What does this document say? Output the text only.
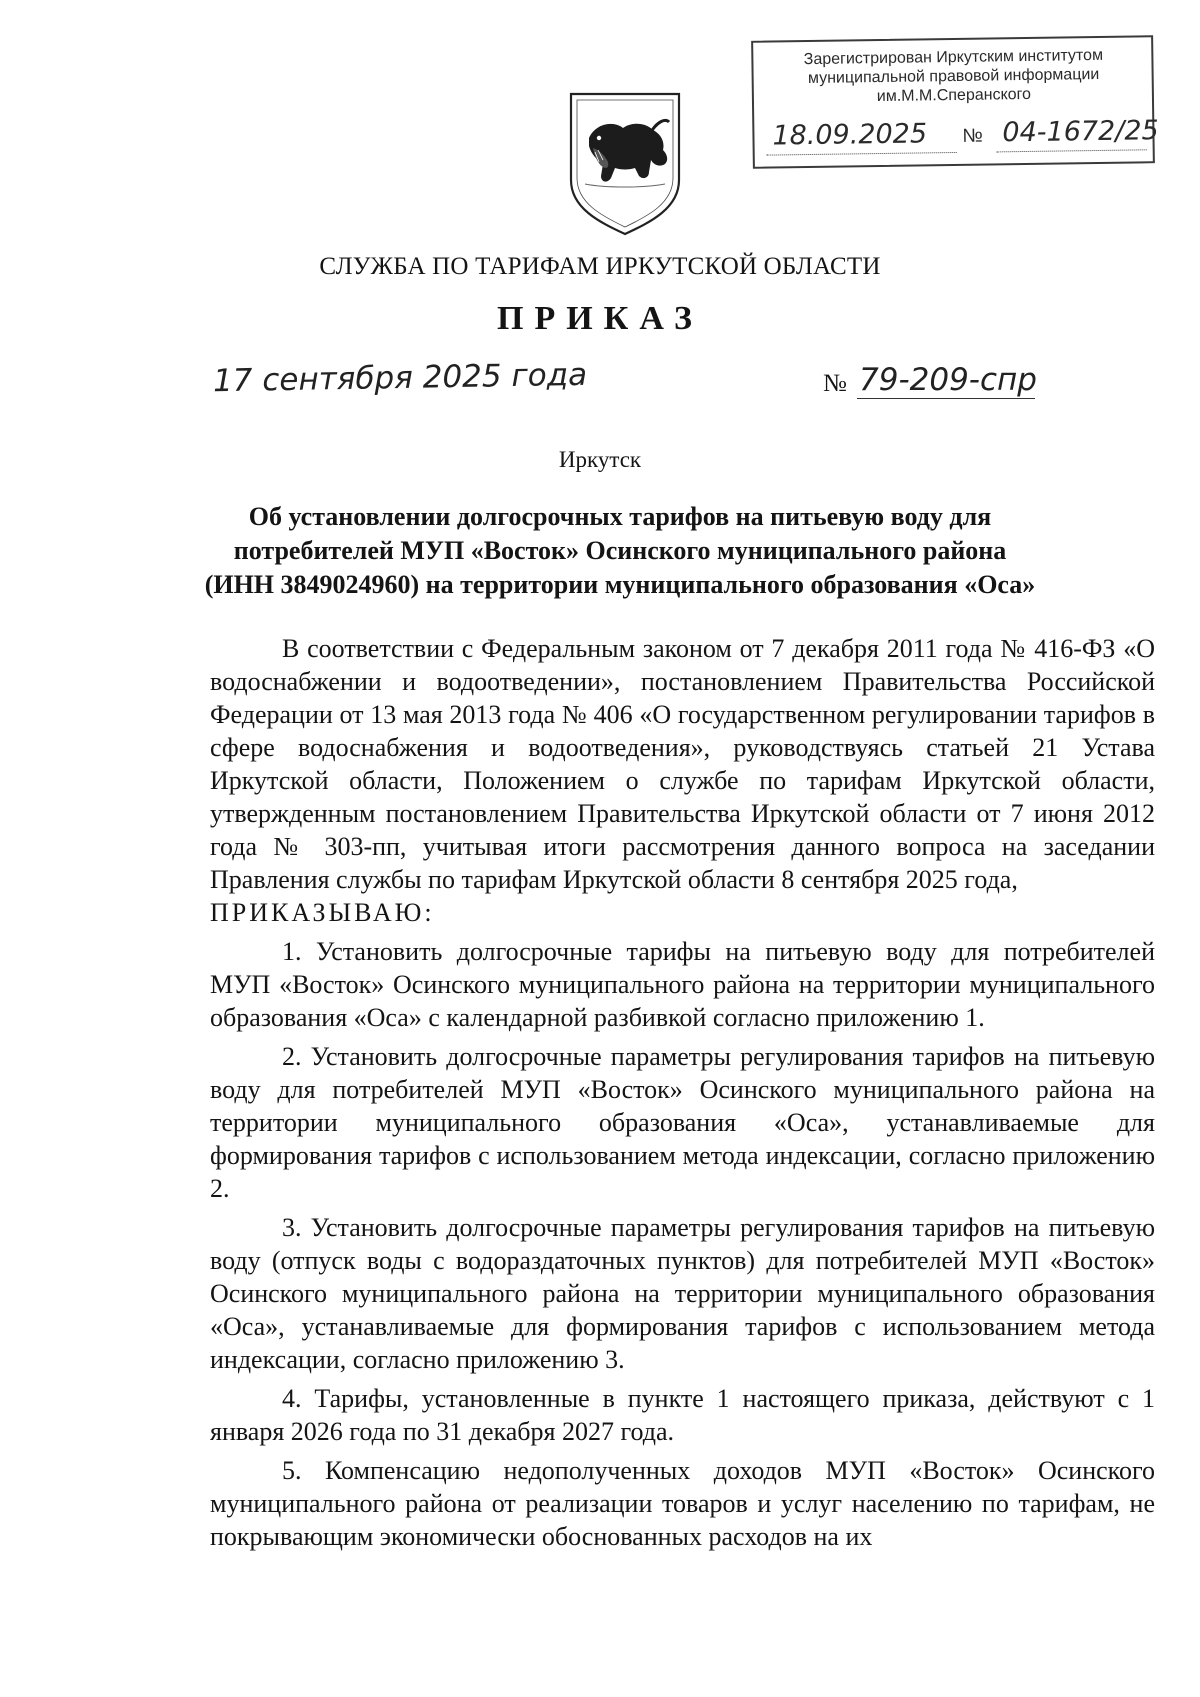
Зарегистрирован Иркутским институтом
муниципальной правовой информации
им.М.М.Сперанского
18.09.2025 № 04-1672/25
СЛУЖБА ПО ТАРИФАМ ИРКУТСКОЙ ОБЛАСТИ
ПРИКАЗ
17 сентября 2025 года	№ 79-209-спр
Иркутск
Об установлении долгосрочных тарифов на питьевую воду для
потребителей МУП «Восток» Осинского муниципального района
(ИНН 3849024960) на территории муниципального образования «Оса»

В соответствии с Федеральным законом от 7 декабря 2011 года № 416-ФЗ «О водоснабжении и водоотведении», постановлением Правительства Российской Федерации от 13 мая 2013 года № 406 «О государственном регулировании тарифов в сфере водоснабжения и водоотведения», руководствуясь статьей 21 Устава Иркутской области, Положением о службе по тарифам Иркутской области, утвержденным постановлением Правительства Иркутской области от 7 июня 2012 года № 303-пп, учитывая итоги рассмотрения данного вопроса на заседании Правления службы по тарифам Иркутской области 8 сентября 2025 года,

ПРИКАЗЫВАЮ:

1. Установить долгосрочные тарифы на питьевую воду для потребителей МУП «Восток» Осинского муниципального района на территории муниципального образования «Оса» с календарной разбивкой согласно приложению 1.

2. Установить долгосрочные параметры регулирования тарифов на питьевую воду для потребителей МУП «Восток» Осинского муниципального района на территории муниципального образования «Оса», устанавливаемые для формирования тарифов с использованием метода индексации, согласно приложению 2.

3. Установить долгосрочные параметры регулирования тарифов на питьевую воду (отпуск воды с водораздаточных пунктов) для потребителей МУП «Восток» Осинского муниципального района на территории муниципального образования «Оса», устанавливаемые для формирования тарифов с использованием метода индексации, согласно приложению 3.

4. Тарифы, установленные в пункте 1 настоящего приказа, действуют с 1 января 2026 года по 31 декабря 2027 года.

5. Компенсацию недополученных доходов МУП «Восток» Осинского муниципального района от реализации товаров и услуг населению по тарифам, не покрывающим экономически обоснованных расходов на их
